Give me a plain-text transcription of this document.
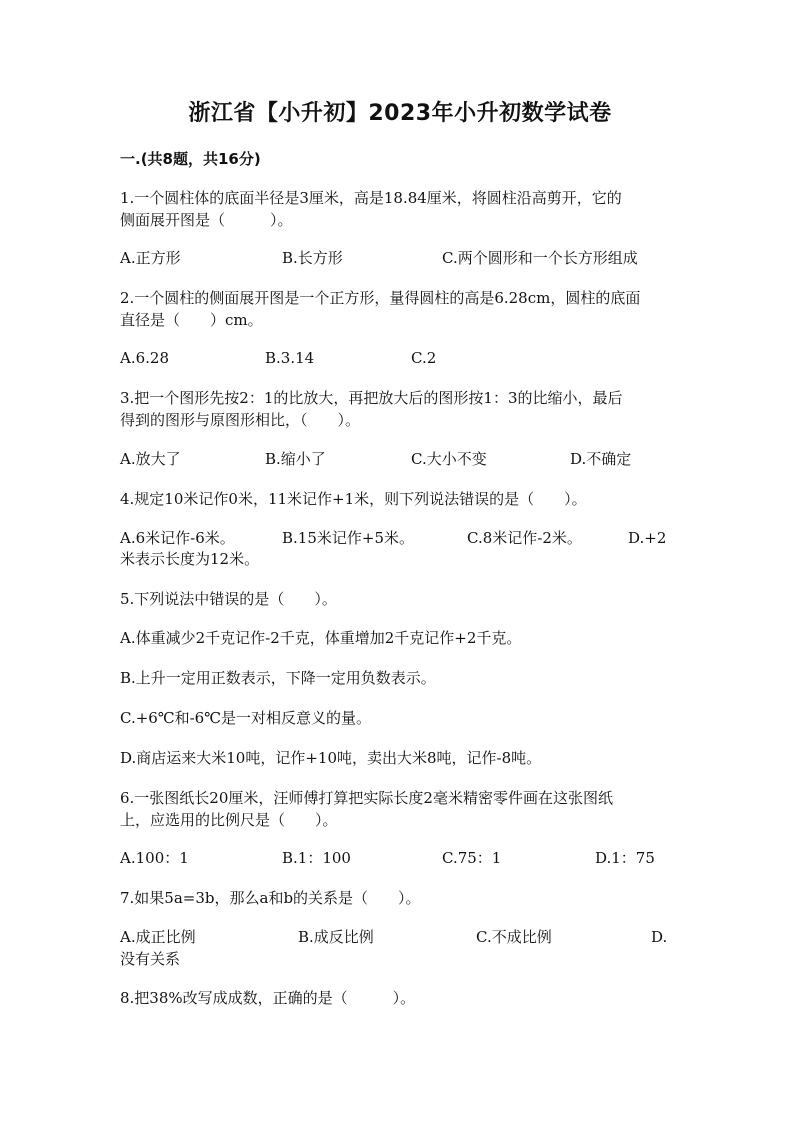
浙江省【小升初】2023年小升初数学试卷
一.(共8题，共16分)
1.一个圆柱体的底面半径是3厘米，高是18.84厘米，将圆柱沿高剪开，它的
侧面展开图是（　　　）。
A.正方形	B.长方形	C.两个圆形和一个长方形组成
2.一个圆柱的侧面展开图是一个正方形，量得圆柱的高是6.28cm，圆柱的底面
直径是（　　）cm。
A.6.28	B.3.14	C.2
3.把一个图形先按2：1的比放大，再把放大后的图形按1：3的比缩小，最后
得到的图形与原图形相比，（　　）。
A.放大了	B.缩小了	C.大小不变	D.不确定
4.规定10米记作0米，11米记作+1米，则下列说法错误的是（　　）。
A.6米记作-6米。	B.15米记作+5米。	C.8米记作-2米。	D.+2
米表示长度为12米。
5.下列说法中错误的是（　　）。
A.体重减少2千克记作-2千克，体重增加2千克记作+2千克。
B.上升一定用正数表示，下降一定用负数表示。
C.+6℃和-6℃是一对相反意义的量。
D.商店运来大米10吨，记作+10吨，卖出大米8吨，记作-8吨。
6.一张图纸长20厘米，汪师傅打算把实际长度2毫米精密零件画在这张图纸
上，应选用的比例尺是（　　）。
A.100：1	B.1：100	C.75：1	D.1：75
7.如果5a=3b，那么a和b的关系是（　　）。
A.成正比例	B.成反比例	C.不成比例	D.
没有关系
8.把38%改写成成数，正确的是（　　　）。
